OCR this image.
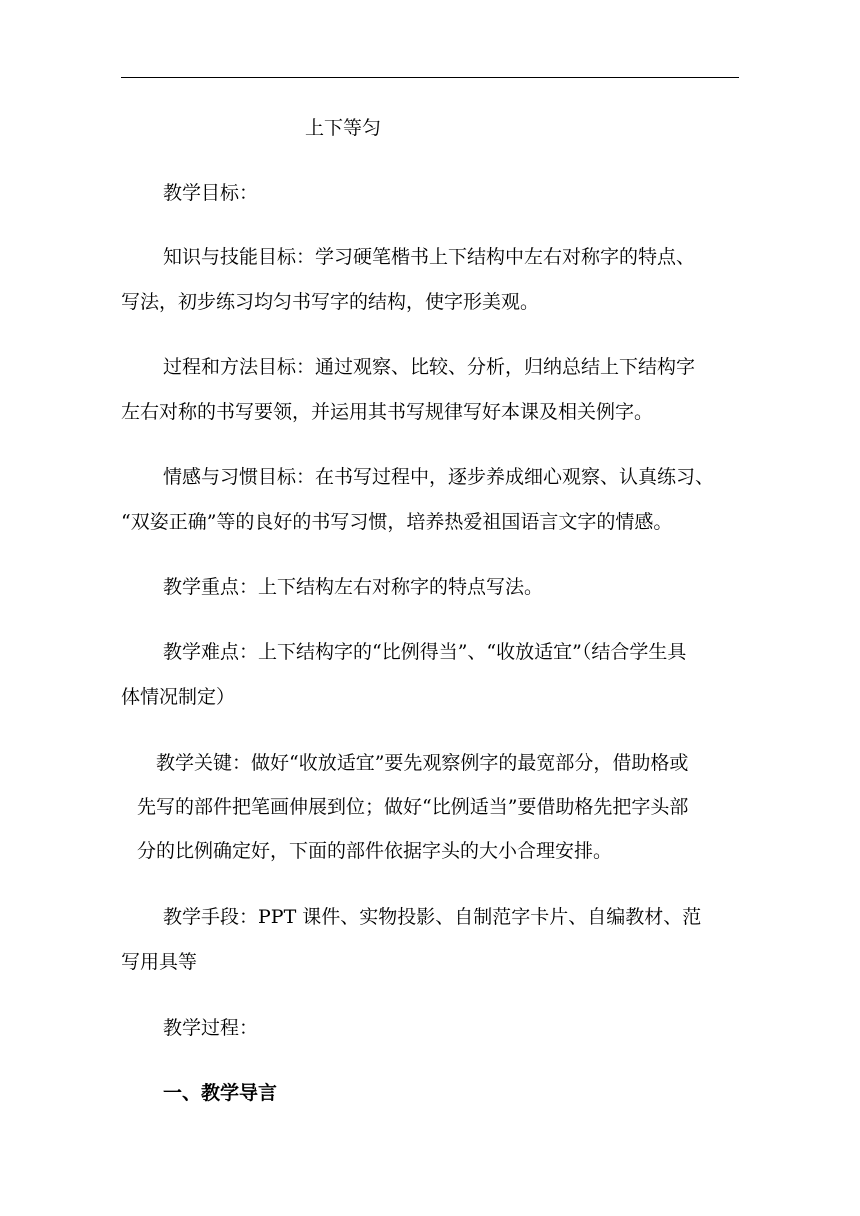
上下等匀

教学目标：

知识与技能目标：学习硬笔楷书上下结构中左右对称字的特点、

写法，初步练习均匀书写字的结构，使字形美观。

过程和方法目标：通过观察、比较、分析，归纳总结上下结构字

左右对称的书写要领，并运用其书写规律写好本课及相关例字。

情感与习惯目标：在书写过程中，逐步养成细心观察、认真练习、

“双姿正确”等的良好的书写习惯，培养热爱祖国语言文字的情感。

教学重点：上下结构左右对称字的特点写法。

教学难点：上下结构字的“比例得当”、“收放适宜”（结合学生具

体情况制定）

教学关键：做好“收放适宜”要先观察例字的最宽部分，借助格或

先写的部件把笔画伸展到位；做好“比例适当”要借助格先把字头部

分的比例确定好，下面的部件依据字头的大小合理安排。

教学手段：PPT 课件、实物投影、自制范字卡片、自编教材、范

写用具等

教学过程：

一、教学导言
